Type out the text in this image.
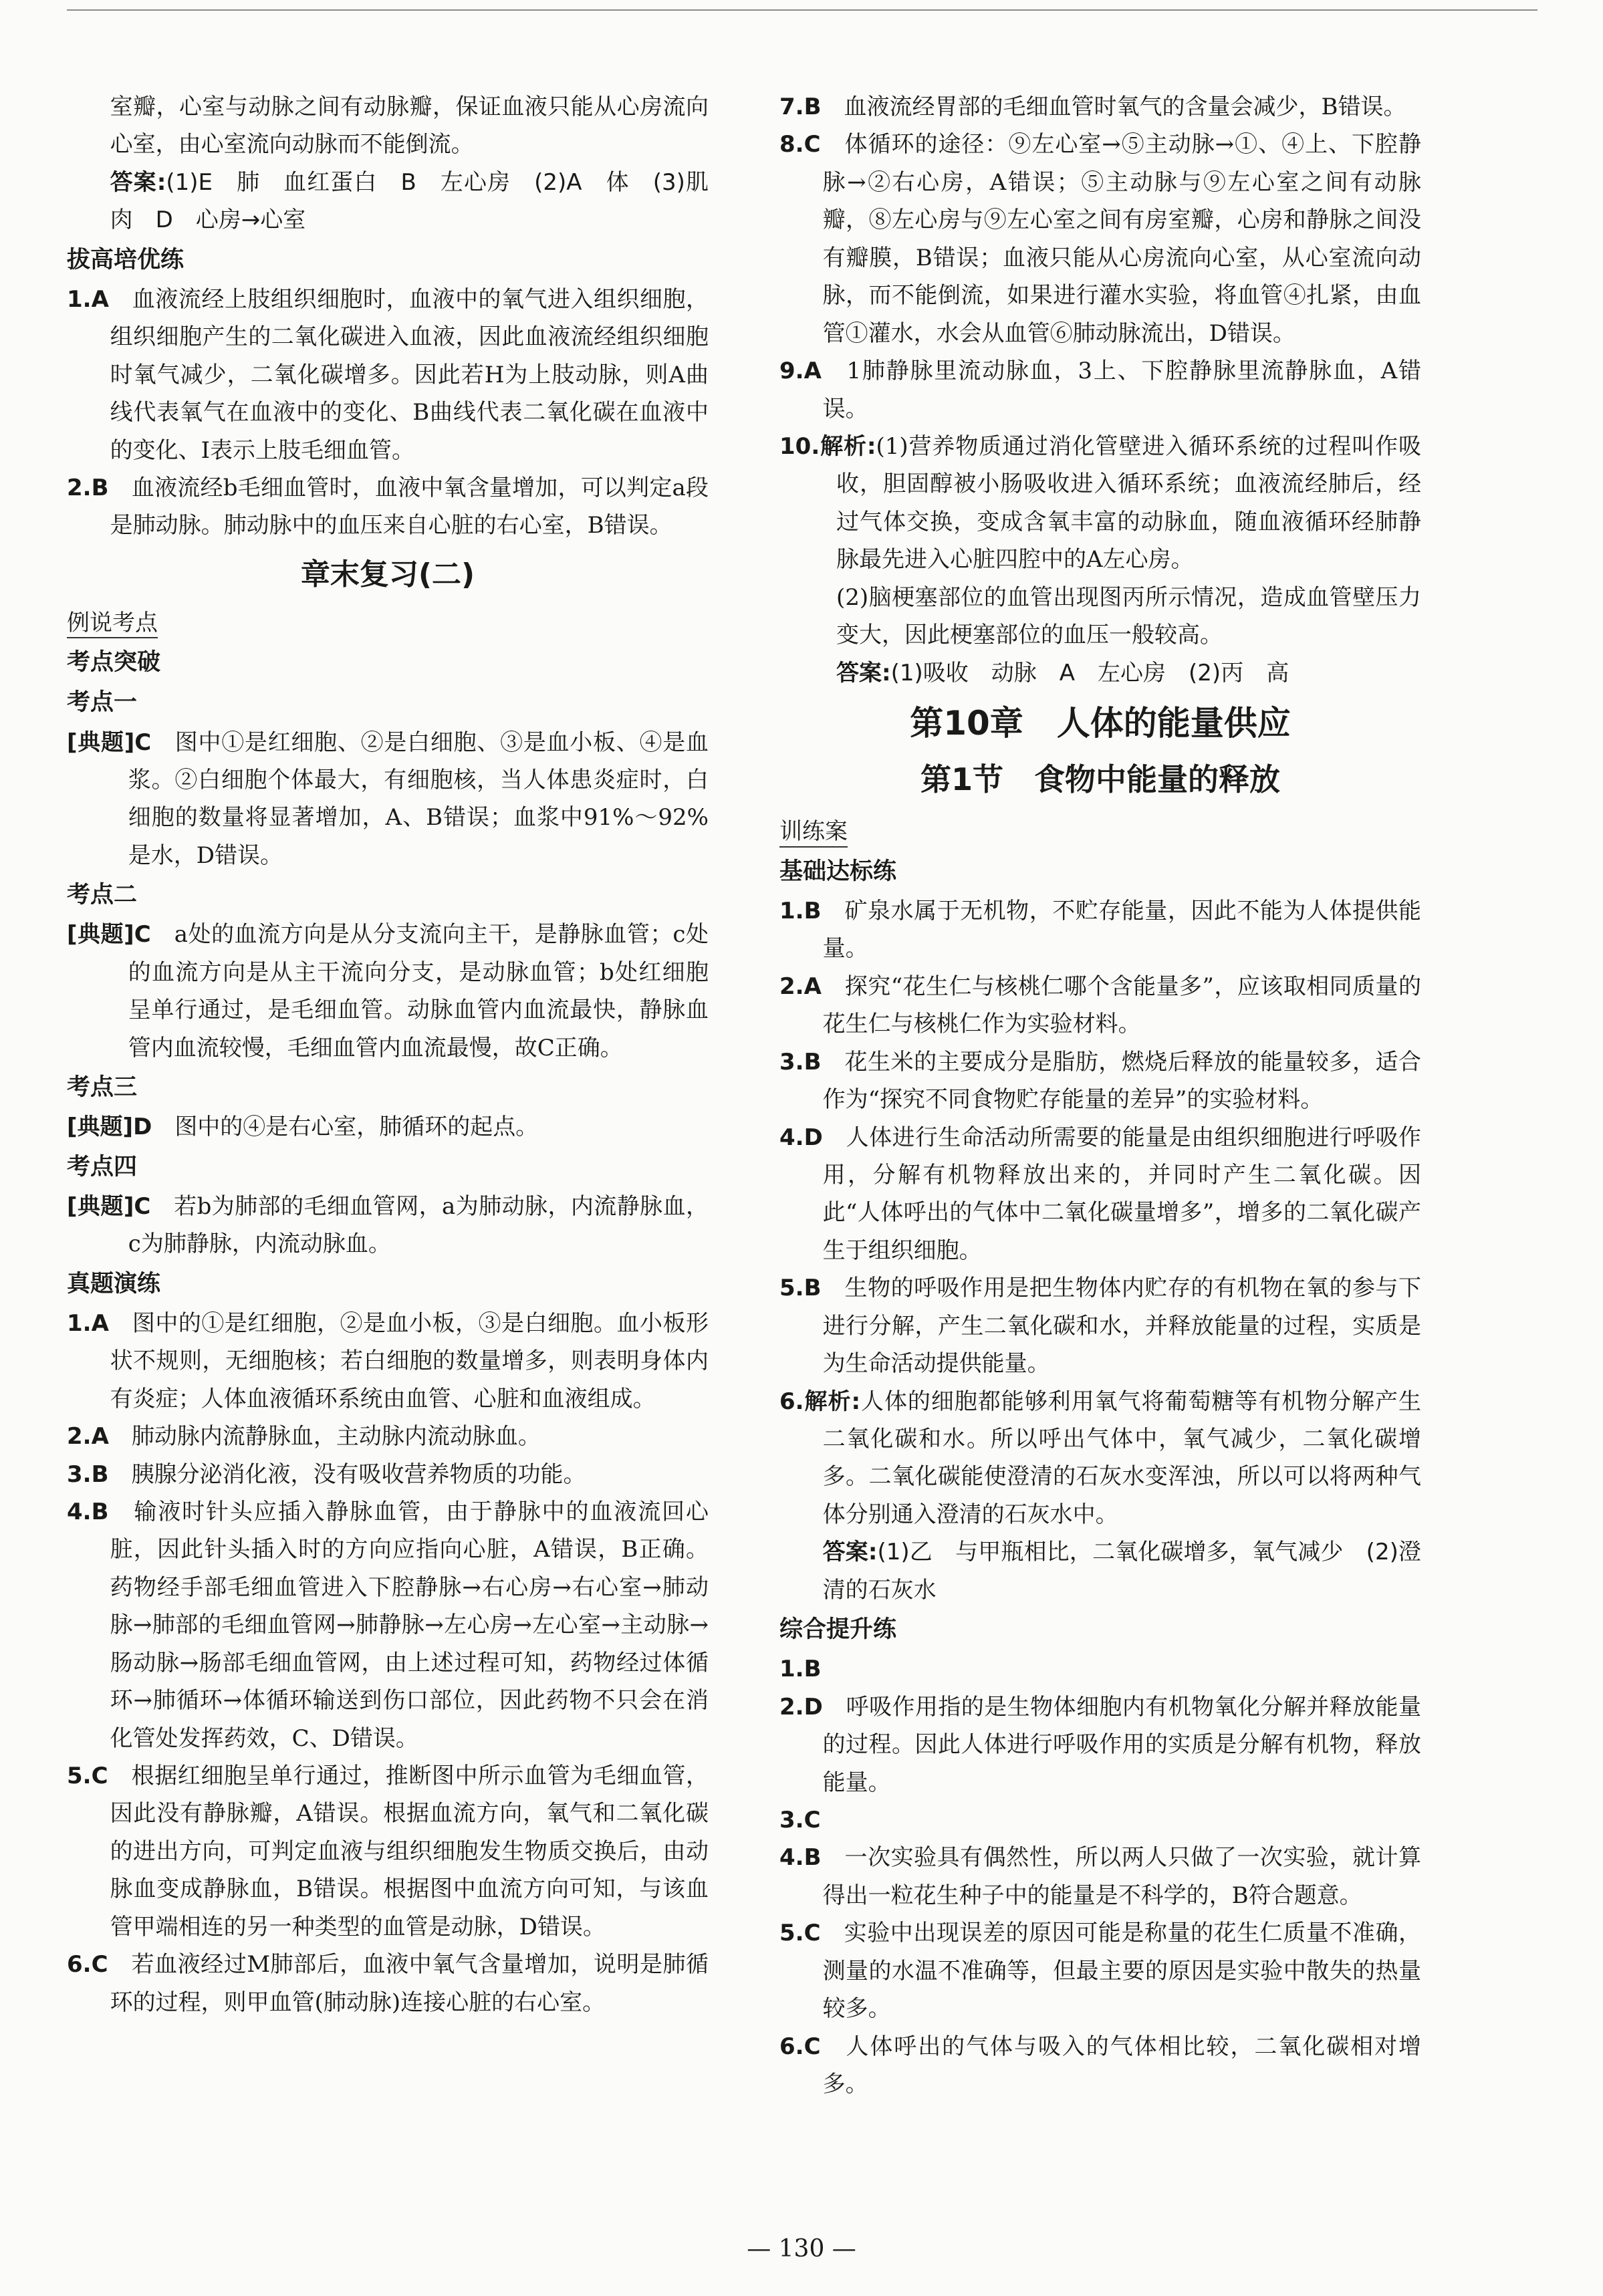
室瓣，心室与动脉之间有动脉瓣，保证血液只能从心房流向心室，由心室流向动脉而不能倒流。

答案:(1)E　肺　血红蛋白　B　左心房　(2)A　体　(3)肌肉　D　心房→心室

拔高培优练

1.A　 血液流经上肢组织细胞时，血液中的氧气进入组织细胞，组织细胞产生的二氧化碳进入血液，因此血液流经组织细胞时氧气减少，二氧化碳增多。因此若H为上肢动脉，则A曲线代表氧气在血液中的变化、B曲线代表二氧化碳在血液中的变化、I表示上肢毛细血管。

2.B　 血液流经b毛细血管时，血液中氧含量增加，可以判定a段是肺动脉。肺动脉中的血压来自心脏的右心室，B错误。

章末复习(二)
例说考点
考点突破
考点一

[典题]C　 图中①是红细胞、②是白细胞、③是血小板、④是血浆。②白细胞个体最大，有细胞核，当人体患炎症时，白细胞的数量将显著增加，A、B错误；血浆中91%～92%是水，D错误。

考点二

[典题]C　 a处的血流方向是从分支流向主干，是静脉血管；c处的血流方向是从主干流向分支，是动脉血管；b处红细胞呈单行通过，是毛细血管。动脉血管内血流最快，静脉血管内血流较慢，毛细血管内血流最慢，故C正确。

考点三

[典题]D　 图中的④是右心室，肺循环的起点。

考点四

[典题]C　 若b为肺部的毛细血管网，a为肺动脉，内流静脉血，c为肺静脉，内流动脉血。

真题演练

1.A　 图中的①是红细胞，②是血小板，③是白细胞。血小板形状不规则，无细胞核；若白细胞的数量增多，则表明身体内有炎症；人体血液循环系统由血管、心脏和血液组成。

2.A　 肺动脉内流静脉血，主动脉内流动脉血。

3.B　 胰腺分泌消化液，没有吸收营养物质的功能。

4.B　 输液时针头应插入静脉血管，由于静脉中的血液流回心脏，因此针头插入时的方向应指向心脏，A错误，B正确。药物经手部毛细血管进入下腔静脉→右心房→右心室→肺动脉→肺部的毛细血管网→肺静脉→左心房→左心室→主动脉→肠动脉→肠部毛细血管网，由上述过程可知，药物经过体循环→肺循环→体循环输送到伤口部位，因此药物不只会在消化管处发挥药效，C、D错误。

5.C　 根据红细胞呈单行通过，推断图中所示血管为毛细血管，因此没有静脉瓣，A错误。根据血流方向，氧气和二氧化碳的进出方向，可判定血液与组织细胞发生物质交换后，由动脉血变成静脉血，B错误。根据图中血流方向可知，与该血管甲端相连的另一种类型的血管是动脉，D错误。

6.C　 若血液经过M肺部后，血液中氧气含量增加，说明是肺循环的过程，则甲血管(肺动脉)连接心脏的右心室。

7.B　 血液流经胃部的毛细血管时氧气的含量会减少，B错误。

8.C　 体循环的途径：⑨左心室→⑤主动脉→①、④上、下腔静脉→②右心房，A错误；⑤主动脉与⑨左心室之间有动脉瓣，⑧左心房与⑨左心室之间有房室瓣，心房和静脉之间没有瓣膜，B错误；血液只能从心房流向心室，从心室流向动脉，而不能倒流，如果进行灌水实验，将血管④扎紧，由血管①灌水，水会从血管⑥肺动脉流出，D错误。

9.A　 1肺静脉里流动脉血，3上、下腔静脉里流静脉血，A错误。

10.解析:(1)营养物质通过消化管壁进入循环系统的过程叫作吸收，胆固醇被小肠吸收进入循环系统；血液流经肺后，经过气体交换，变成含氧丰富的动脉血，随血液循环经肺静脉最先进入心脏四腔中的A左心房。

(2)脑梗塞部位的血管出现图丙所示情况，造成血管壁压力变大，因此梗塞部位的血压一般较高。

答案:(1)吸收　动脉　A　左心房　(2)丙　高

第10章　人体的能量供应
第1节　食物中能量的释放
训练案
基础达标练

1.B　 矿泉水属于无机物，不贮存能量，因此不能为人体提供能量。

2.A　 探究“花生仁与核桃仁哪个含能量多”，应该取相同质量的花生仁与核桃仁作为实验材料。

3.B　 花生米的主要成分是脂肪，燃烧后释放的能量较多，适合作为“探究不同食物贮存能量的差异”的实验材料。

4.D　 人体进行生命活动所需要的能量是由组织细胞进行呼吸作用，分解有机物释放出来的，并同时产生二氧化碳。因此“人体呼出的气体中二氧化碳量增多”，增多的二氧化碳产生于组织细胞。

5.B　 生物的呼吸作用是把生物体内贮存的有机物在氧的参与下进行分解，产生二氧化碳和水，并释放能量的过程，实质是为生命活动提供能量。

6.解析:人体的细胞都能够利用氧气将葡萄糖等有机物分解产生二氧化碳和水。所以呼出气体中，氧气减少，二氧化碳增多。二氧化碳能使澄清的石灰水变浑浊，所以可以将两种气体分别通入澄清的石灰水中。

答案:(1)乙　与甲瓶相比，二氧化碳增多，氧气减少　(2)澄清的石灰水

综合提升练

1.B

2.D　 呼吸作用指的是生物体细胞内有机物氧化分解并释放能量的过程。因此人体进行呼吸作用的实质是分解有机物，释放能量。

3.C

4.B　 一次实验具有偶然性，所以两人只做了一次实验，就计算得出一粒花生种子中的能量是不科学的，B符合题意。

5.C　 实验中出现误差的原因可能是称量的花生仁质量不准确，测量的水温不准确等，但最主要的原因是实验中散失的热量较多。

6.C　 人体呼出的气体与吸入的气体相比较，二氧化碳相对增多。

— 130 —
